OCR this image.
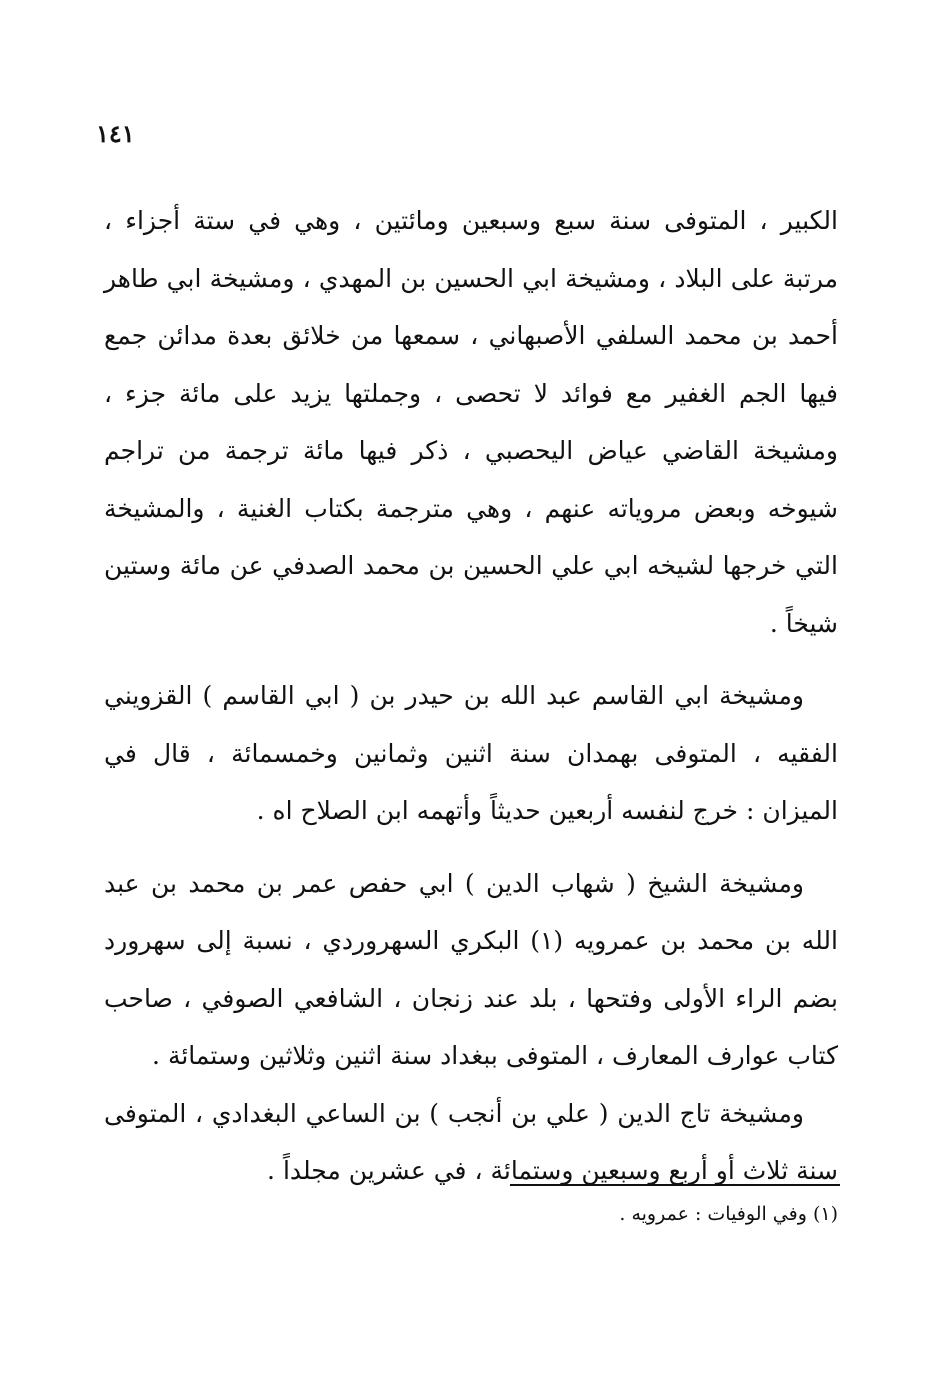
١٤١

الكبير ، المتوفى سنة سبع وسبعين ومائتين ، وهي في ستة أجزاء ، مرتبة على البلاد ، ومشيخة ابي الحسين بن المهدي ، ومشيخة ابي طاهر أحمد بن محمد السلفي الأصبهاني ، سمعها من خلائق بعدة مدائن جمع فيها الجم الغفير مع فوائد لا تحصى ، وجملتها يزيد على مائة جزء ، ومشيخة القاضي عياض اليحصبي ، ذكر فيها مائة ترجمة من تراجم شيوخه وبعض مروياته عنهم ، وهي مترجمة بكتاب الغنية ، والمشيخة التي خرجها لشيخه ابي علي الحسين بن محمد الصدفي عن مائة وستين شيخاً .

ومشيخة ابي القاسم عبد الله بن حيدر بن ( ابي القاسم ) القزويني الفقيه ، المتوفى بهمدان سنة اثنين وثمانين وخمسمائة ، قال في الميزان : خرج لنفسه أربعين حديثاً وأتهمه ابن الصلاح اه .

ومشيخة الشيخ ( شهاب الدين ) ابي حفص عمر بن محمد بن عبد الله بن محمد بن عمرويه (١) البكري السهروردي ، نسبة إلى سهرورد بضم الراء الأولى وفتحها ، بلد عند زنجان ، الشافعي الصوفي ، صاحب كتاب عوارف المعارف ، المتوفى ببغداد سنة اثنين وثلاثين وستمائة .

ومشيخة تاج الدين ( علي بن أنجب ) بن الساعي البغدادي ، المتوفى سنة ثلاث أو أربع وسبعين وستمائة ، في عشرين مجلداً .

(١) وفي الوفيات : عمرويه .
